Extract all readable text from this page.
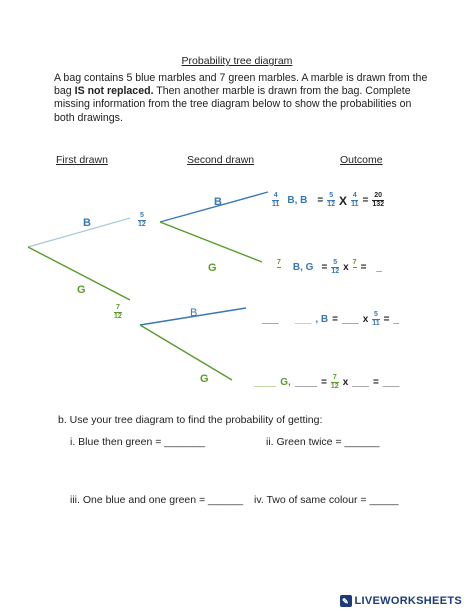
Probability tree diagram
A bag contains 5 blue marbles and 7 green marbles. A marble is drawn from the bag IS not replaced. Then another marble is drawn from the bag. Complete missing information from the tree diagram below to show the probabilities on both drawings.
First drawn	Second drawn	Outcome
B	$\frac{5}{12}$
G
$\frac{7}{12}$
B
G
B
G
$\frac{4}{11} B$, $B = \frac{5}{12}$ X $\frac{4}{11} = \frac{20}{132}$
7
B, $G = \frac{5}{12}$ x 7
= _
___ ___ , B = ___ x $\frac{5}{11}$ = _
____ G, ____ = $\frac{7}{12}$ x ___ = ___
b. Use your tree diagram to find the probability of getting:
i. Blue then green = _______	ii. Green twice = ______
iii. One blue and one green = ______ iv. Two of same colour = _____
✎ LIVEWORKSHEETS
